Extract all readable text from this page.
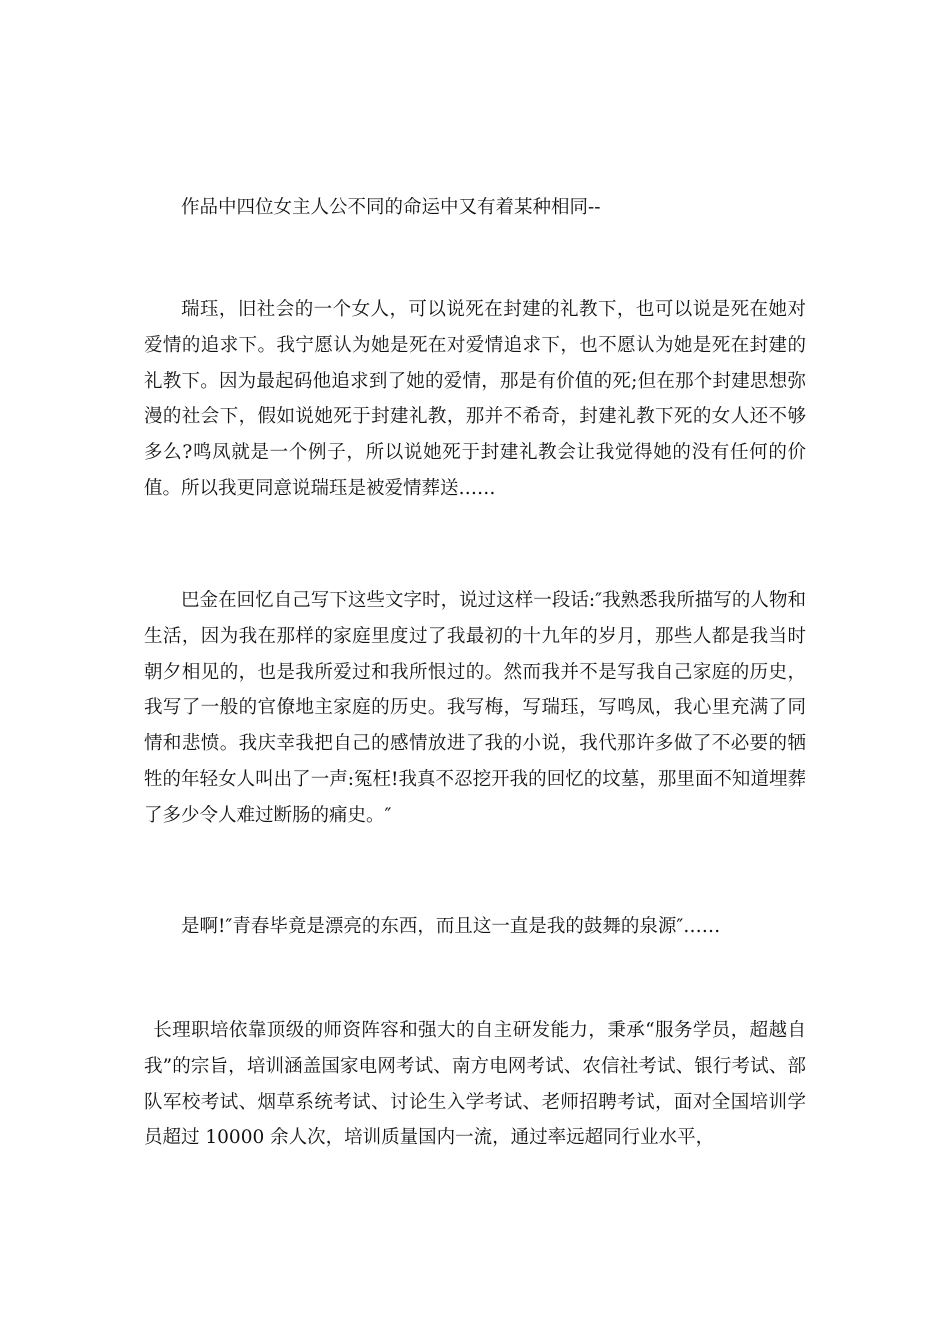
作品中四位女主人公不同的命运中又有着某种相同--

瑞珏，旧社会的一个女人，可以说死在封建的礼教下，也可以说是死在她对爱情的追求下。我宁愿认为她是死在对爱情追求下，也不愿认为她是死在封建的礼教下。因为最起码他追求到了她的爱情，那是有价值的死;但在那个封建思想弥漫的社会下，假如说她死于封建礼教，那并不希奇，封建礼教下死的女人还不够多么?鸣凤就是一个例子，所以说她死于封建礼教会让我觉得她的没有任何的价值。所以我更同意说瑞珏是被爱情葬送……

巴金在回忆自己写下这些文字时，说过这样一段话:″我熟悉我所描写的人物和生活，因为我在那样的家庭里度过了我最初的十九年的岁月，那些人都是我当时朝夕相见的，也是我所爱过和我所恨过的。然而我并不是写我自己家庭的历史，我写了一般的官僚地主家庭的历史。我写梅，写瑞珏，写鸣凤，我心里充满了同情和悲愤。我庆幸我把自己的感情放进了我的小说，我代那许多做了不必要的牺牲的年轻女人叫出了一声:冤枉!我真不忍挖开我的回忆的坟墓，那里面不知道埋葬了多少令人难过断肠的痛史。″

是啊!″青春毕竟是漂亮的东西，而且这一直是我的鼓舞的泉源″……

长理职培依靠顶级的师资阵容和强大的自主研发能力，秉承“服务学员，超越自我”的宗旨，培训涵盖国家电网考试、南方电网考试、农信社考试、银行考试、部队军校考试、烟草系统考试、讨论生入学考试、老师招聘考试，面对全国培训学员超过 10000 余人次，培训质量国内一流，通过率远超同行业水平，
